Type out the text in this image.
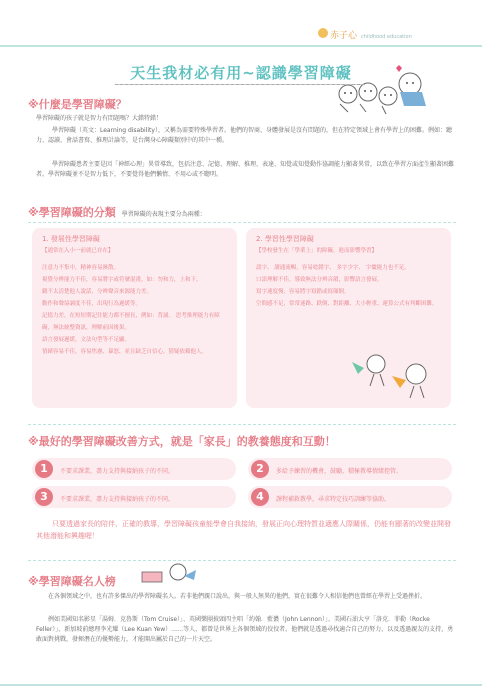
赤子心 childhood education
天生我材必有用~認識學習障礙
※什麼是學習障礙？
學習障礙的孩子就是智力有問題嗎？大錯特錯！
學習障礙（英文：Learning disability），又稱為需要特殊學習者。他們的智商、身體發展是沒有問題的，但在特定領域上會有學習上的困難。例如：聽力、認讀、會話書寫、推理計論等，是台灣身心障礙類別中的其中一種。
學習障礙患者主要是因「神經心理」異常導致，包括注意、記憶、理解、推理、表達、知覺或知覺動作協調能力顯著異常，以致在學習方面產生顯著困難者。學習障礙並不是智力低下，不要覺得他們懶惰、不用心或不聰明。
※學習障礙的分類 學習障礙的表現主要分為兩種：
1. 發展性學習障礙
【通常在入小一前就已存在】
注意力不集中，精神容易渙散。
視覺分辨能力不佳，容易將字或符號混淆，如：勿和力，上和下。
聽不太清楚他人說話，分辨聲音來源能力差。
動作和聲協調度不佳，出現行為遲緩等。
記憶力差，在短短期記住能力都不擅長，例如：背誦。 思考推理能力有障礙，無法統整資訊，理解前因後果。
語言發展遲緩，文法句型等不足顯。
情緒容易不佳，容易焦慮、暴怒，並且缺乏自信心，猜疑依賴他人。
2. 學習性學習障礙
【學校發生在「學業上」的障礙，進而影響學習】
認字、 讀通流暢，容易唸錯字、 多字少字、 字彙能力也不足。
口語理解不佳，導致無法分辨音韻，影響語言發展。
寫字速度慢，容易將字寫錯或寫顛倒。
空間感不足，常常迷路、跌倒、對距離、大小輕重、運算公式有判斷困難。
※最好的學習障礙改善方式，就是「家長」的教養態度和互動！
1	不要求課業，盡力支持與接納孩子的不同。	2	多給予練習的機會，鼓勵、積極教導情緒控管。
3	不要求課業，盡力支持與接納孩子的不同。	4	課程補救教學，尋求特定技巧訓練等協助。
只要透過家長的陪伴、正確的教導，學習障礙孩童能學會自我接納，發展正向心理特質並適應人際關係，仍能有顯著的改變並開發其他潛能和興趣喔！
※學習障礙名人榜
在各個領域之中，也有許多傑出的學習障礙名人。若非他們親口說出，與一般人無異的他們，實在很難令人相信他們也曾經在學習上受過挫折。
例如美國知名影星「湯姆．克魯斯（Tom Cruise）」、英國樂團披頭四主唱「約翰．藍儂（John Lennon）」、美國石油大亨「洛克．菲勒（Rocke Feller）」、新加坡前總理李光耀（Lee Kuan Yew）……等人，都曾是世界上各個領域的佼佼者。他們就是透過尋找適合自己的努力，以及透過親友的支持，勇敢面對挑戰，發揮潛在的優勢能力，才能開出屬於自己的一片天空。
